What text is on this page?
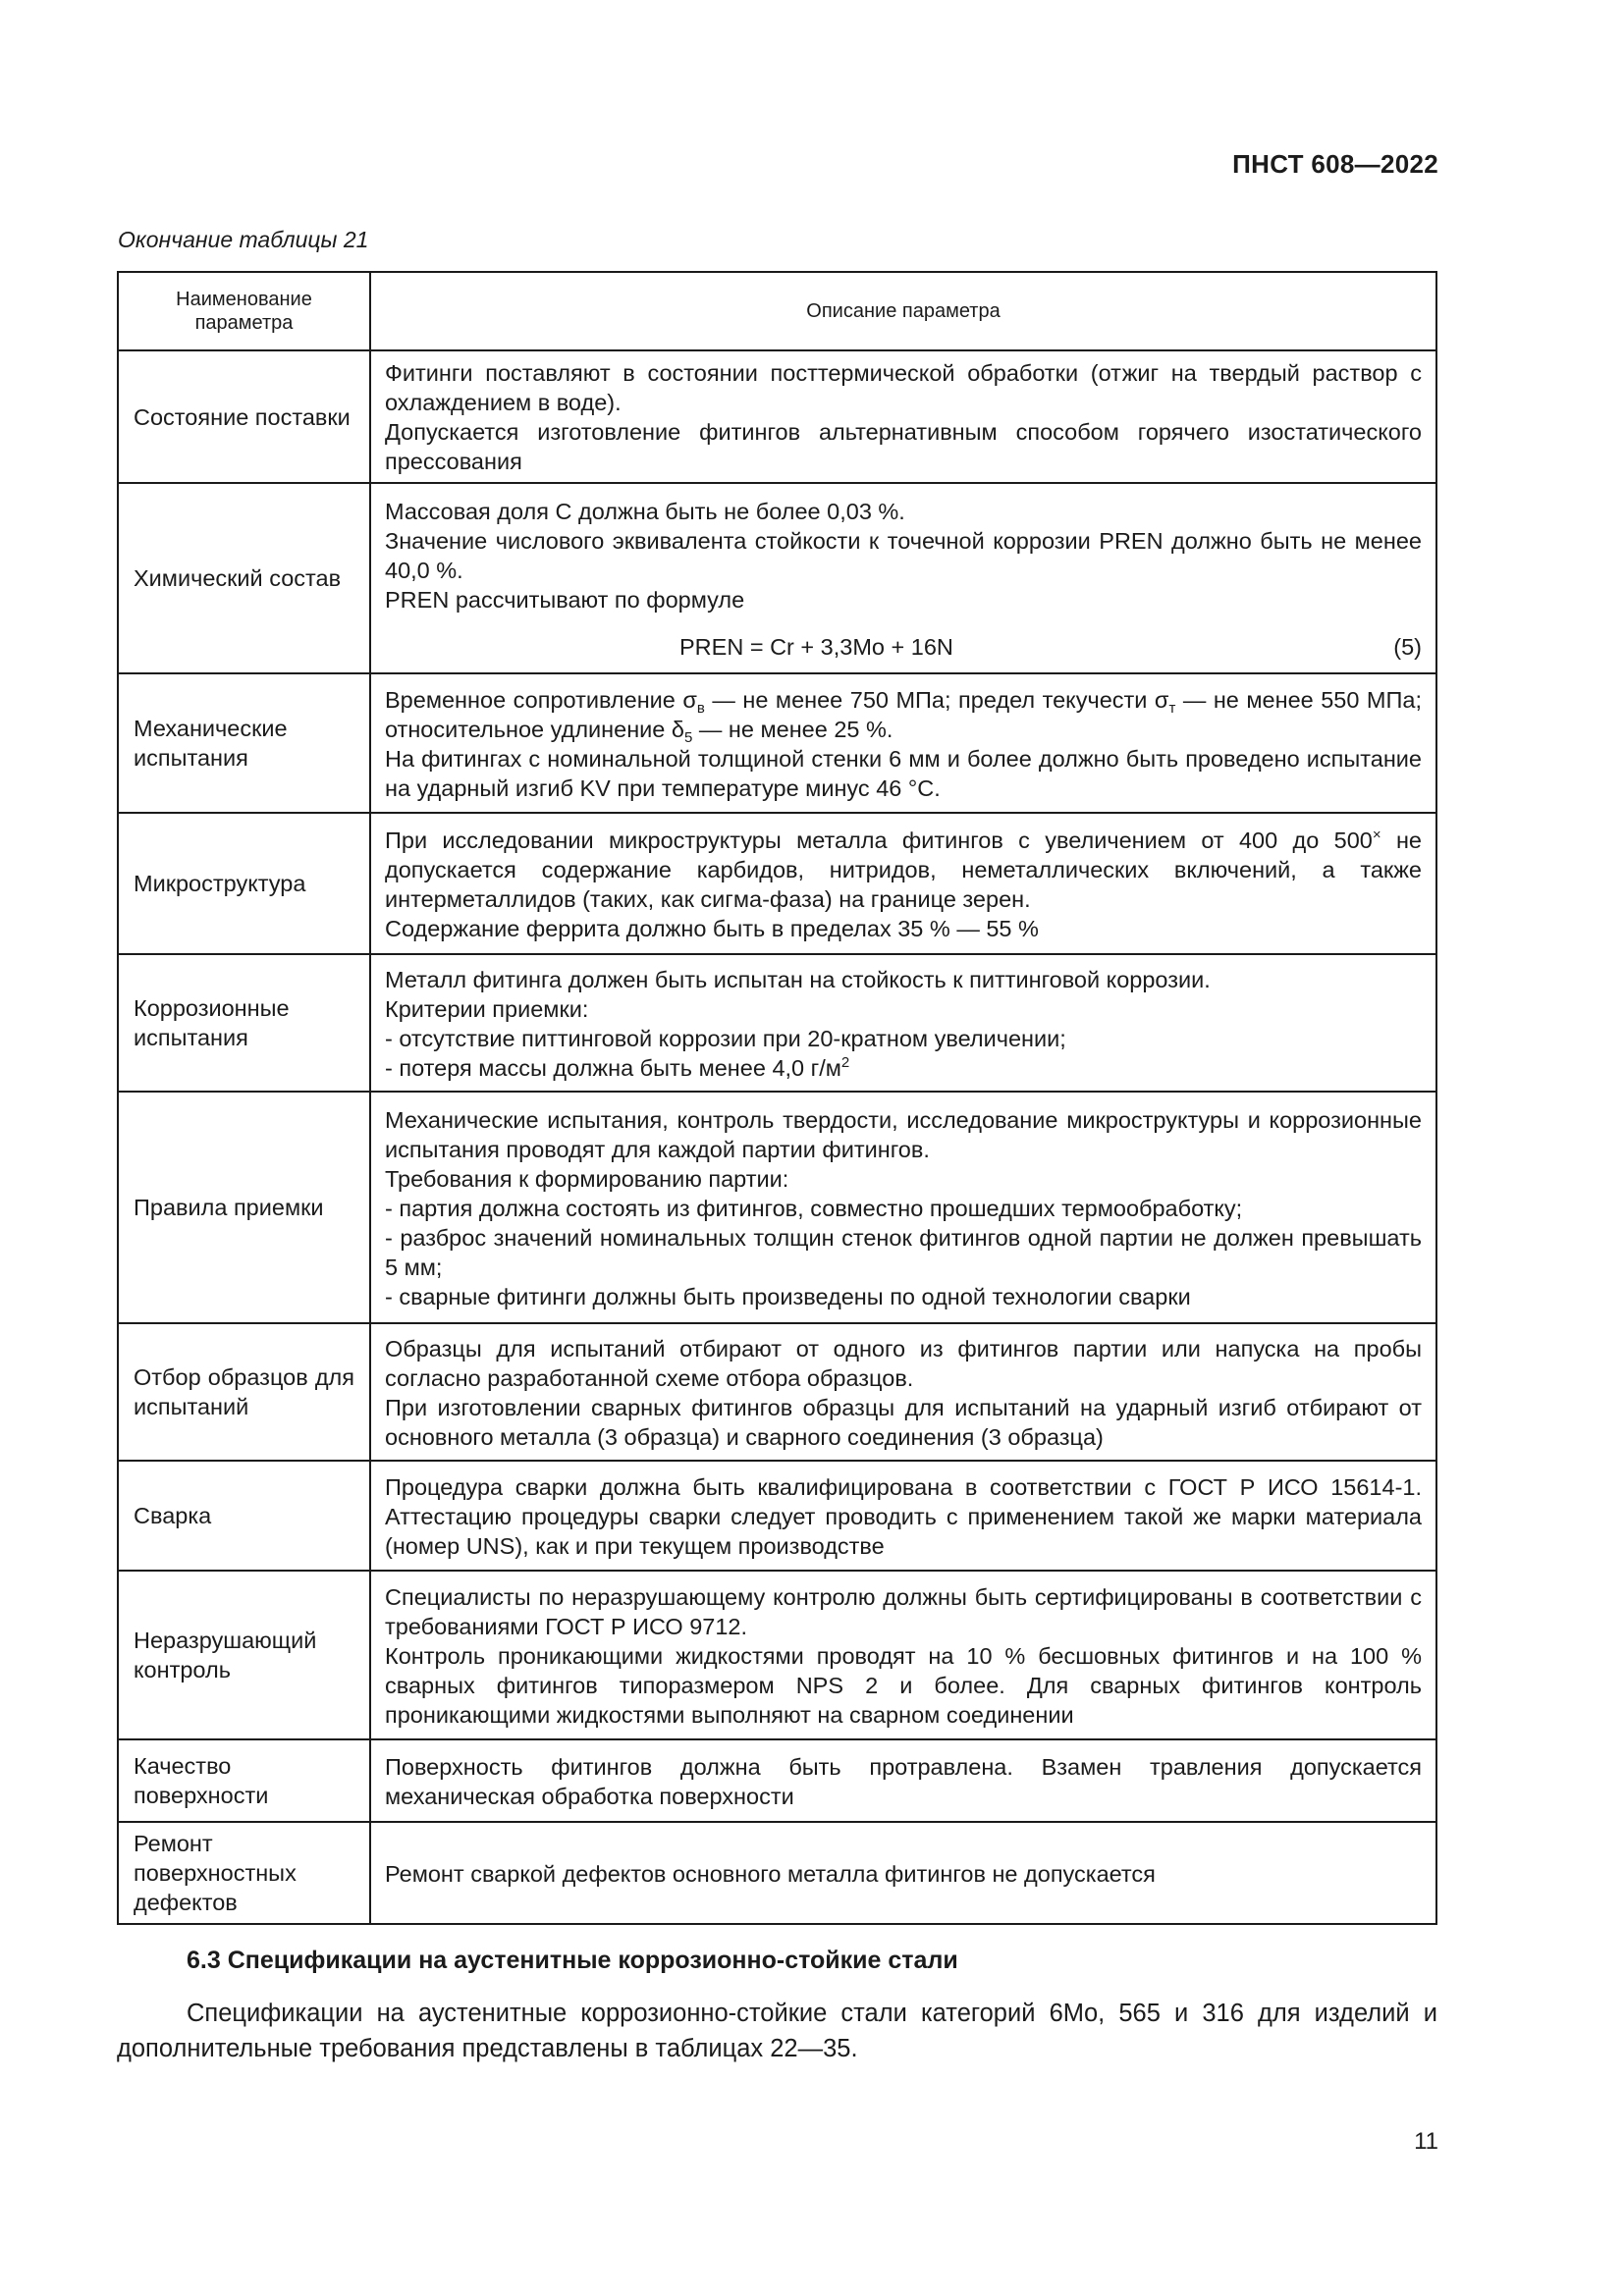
ПНСТ 608—2022
Окончание таблицы 21
Наименование параметра	Описание параметра
Состояние поставки	Фитинги поставляют в состоянии посттермической обработки (отжиг на твердый раствор с охлаждением в воде).
Допускается изготовление фитингов альтернативным способом горячего изостатического прессования

Химический состав	Массовая доля С должна быть не более 0,03 %.
Значение числового эквивалента стойкости к точечной коррозии PREN должно быть не менее 40,0 %.
PREN рассчитывают по формуле
PREN = Cr + 3,3Mo + 16N (5)

Механические испытания	Временное сопротивление $\sigma_в$ — не менее 750 МПа; предел текучести $\sigma_т$ — не менее 550 МПа; относительное удлинение $\delta_5$ — не менее 25 %.
На фитингах с номинальной толщиной стенки 6 мм и более должно быть проведено испытание на ударный изгиб KV при температуре минус 46 °С.

Микроструктура	При исследовании микроструктуры металла фитингов с увеличением от 400 до 500× не допускается содержание карбидов, нитридов, неметаллических включений, а также интерметаллидов (таких, как сигма-фаза) на границе зерен.
Содержание феррита должно быть в пределах 35 % — 55 %

Коррозионные испытания	Металл фитинга должен быть испытан на стойкость к питтинговой коррозии.
Критерии приемки:
- отсутствие питтинговой коррозии при 20-кратном увеличении;
- потеря массы должна быть менее 4,0 $г/м^2$

Правила приемки	Механические испытания, контроль твердости, исследование микроструктуры и коррозионные испытания проводят для каждой партии фитингов.
Требования к формированию партии:
- партия должна состоять из фитингов, совместно прошедших термообработку;
- разброс значений номинальных толщин стенок фитингов одной партии не должен превышать 5 мм;
- сварные фитинги должны быть произведены по одной технологии сварки

Отбор образцов для испытаний	Образцы для испытаний отбирают от одного из фитингов партии или напуска на пробы согласно разработанной схеме отбора образцов.
При изготовлении сварных фитингов образцы для испытаний на ударный изгиб отбирают от основного металла (3 образца) и сварного соединения (3 образца)

Сварка	Процедура сварки должна быть квалифицирована в соответствии с ГОСТ Р ИСО 15614-1. Аттестацию процедуры сварки следует проводить с применением такой же марки материала (номер UNS), как и при текущем производстве

Неразрушающий контроль	Специалисты по неразрушающему контролю должны быть сертифицированы в соответствии с требованиями ГОСТ Р ИСО 9712.
Контроль проникающими жидкостями проводят на 10 % бесшовных фитингов и на 100 % сварных фитингов типоразмером NPS 2 и более. Для сварных фитингов контроль проникающими жидкостями выполняют на сварном соединении

Качество поверхности	Поверхность фитингов должна быть протравлена. Взамен травления допускается механическая обработка поверхности

Ремонт поверхностных дефектов	Ремонт сваркой дефектов основного металла фитингов не допускается
6.3 Спецификации на аустенитные коррозионно-стойкие стали
Спецификации на аустенитные коррозионно-стойкие стали категорий 6Mo, 565 и 316 для изделий и дополнительные требования представлены в таблицах 22—35.
11
